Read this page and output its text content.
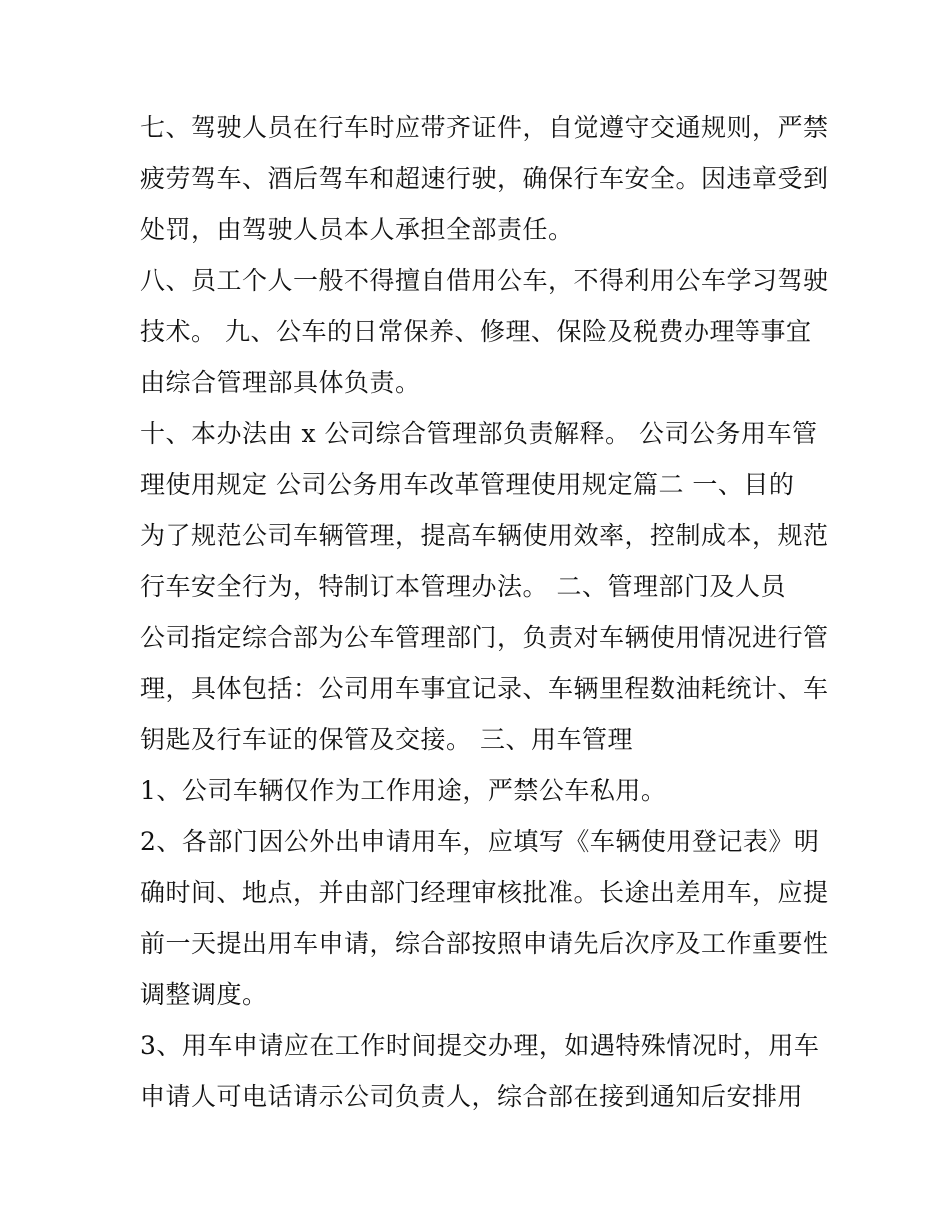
七、驾驶人员在行车时应带齐证件，自觉遵守交通规则，严禁
疲劳驾车、酒后驾车和超速行驶，确保行车安全。因违章受到
处罚，由驾驶人员本人承担全部责任。
八、员工个人一般不得擅自借用公车，不得利用公车学习驾驶
技术。 九、公车的日常保养、修理、保险及税费办理等事宜
由综合管理部具体负责。
十、本办法由 x 公司综合管理部负责解释。 公司公务用车管
理使用规定 公司公务用车改革管理使用规定篇二 一、目的
为了规范公司车辆管理，提高车辆使用效率，控制成本，规范
行车安全行为，特制订本管理办法。 二、管理部门及人员
公司指定综合部为公车管理部门，负责对车辆使用情况进行管
理，具体包括：公司用车事宜记录、车辆里程数油耗统计、车
钥匙及行车证的保管及交接。 三、用车管理
1、公司车辆仅作为工作用途，严禁公车私用。
2、各部门因公外出申请用车，应填写《车辆使用登记表》明
确时间、地点，并由部门经理审核批准。长途出差用车，应提
前一天提出用车申请，综合部按照申请先后次序及工作重要性
调整调度。
3、用车申请应在工作时间提交办理，如遇特殊情况时，用车
申请人可电话请示公司负责人，综合部在接到通知后安排用
